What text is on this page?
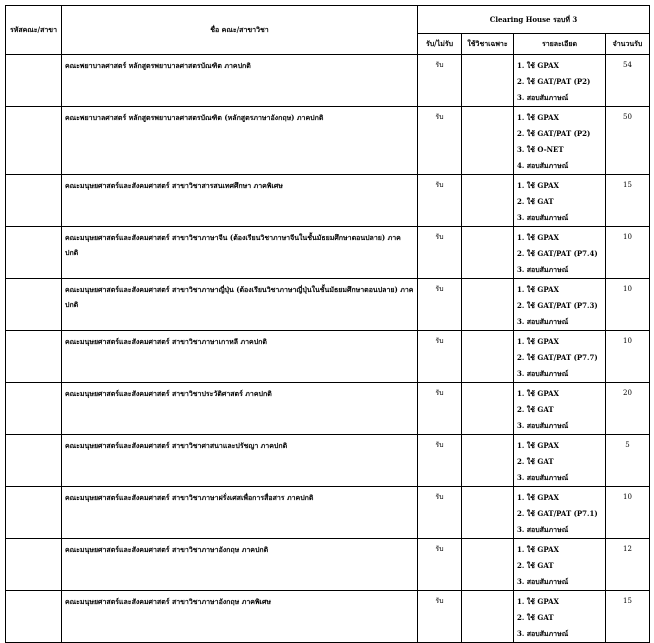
รหัสคณะ/สาขา	ชื่อ คณะ/สาขาวิชา	Clearing House รอบที่ 3			
		รับ/ไม่รับ	ใช้วิชาเฉพาะ	รายละเอียด	จำนวนรับ
	คณะพยาบาลศาสตร์ หลักสูตรพยาบาลศาสตรบัณฑิต ภาคปกติ	รับ		1. ใช้ GPAX
2. ใช้ GAT/PAT (P2)
3. สอบสัมภาษณ์	54
	คณะพยาบาลศาสตร์ หลักสูตรพยาบาลศาสตรบัณฑิต (หลักสูตรภาษาอังกฤษ) ภาคปกติ	รับ		1. ใช้ GPAX
2. ใช้ GAT/PAT (P2)
3. ใช้ O-NET
4. สอบสัมภาษณ์	50
	คณะมนุษยศาสตร์และสังคมศาสตร์ สาขาวิชาสารสนเทศศึกษา ภาคพิเศษ	รับ		1. ใช้ GPAX
2. ใช้ GAT
3. สอบสัมภาษณ์	15
	คณะมนุษยศาสตร์และสังคมศาสตร์ สาขาวิชาภาษาจีน (ต้องเรียนวิชาภาษาจีนในชั้นมัธยมศึกษาตอนปลาย) ภาคปกติ	รับ		1. ใช้ GPAX
2. ใช้ GAT/PAT (P7.4)
3. สอบสัมภาษณ์	10
	คณะมนุษยศาสตร์และสังคมศาสตร์ สาขาวิชาภาษาญี่ปุ่น (ต้องเรียนวิชาภาษาญี่ปุ่นในชั้นมัธยมศึกษาตอนปลาย) ภาคปกติ	รับ		1. ใช้ GPAX
2. ใช้ GAT/PAT (P7.3)
3. สอบสัมภาษณ์	10
	คณะมนุษยศาสตร์และสังคมศาสตร์ สาขาวิชาภาษาเกาหลี ภาคปกติ	รับ		1. ใช้ GPAX
2. ใช้ GAT/PAT (P7.7)
3. สอบสัมภาษณ์	10
	คณะมนุษยศาสตร์และสังคมศาสตร์ สาขาวิชาประวัติศาสตร์ ภาคปกติ	รับ		1. ใช้ GPAX
2. ใช้ GAT
3. สอบสัมภาษณ์	20
	คณะมนุษยศาสตร์และสังคมศาสตร์ สาขาวิชาศาสนาและปรัชญา ภาคปกติ	รับ		1. ใช้ GPAX
2. ใช้ GAT
3. สอบสัมภาษณ์	5
	คณะมนุษยศาสตร์และสังคมศาสตร์ สาขาวิชาภาษาฝรั่งเศสเพื่อการสื่อสาร ภาคปกติ	รับ		1. ใช้ GPAX
2. ใช้ GAT/PAT (P7.1)
3. สอบสัมภาษณ์	10
	คณะมนุษยศาสตร์และสังคมศาสตร์ สาขาวิชาภาษาอังกฤษ ภาคปกติ	รับ		1. ใช้ GPAX
2. ใช้ GAT
3. สอบสัมภาษณ์	12
	คณะมนุษยศาสตร์และสังคมศาสตร์ สาขาวิชาภาษาอังกฤษ ภาคพิเศษ	รับ		1. ใช้ GPAX
2. ใช้ GAT
3. สอบสัมภาษณ์	15
